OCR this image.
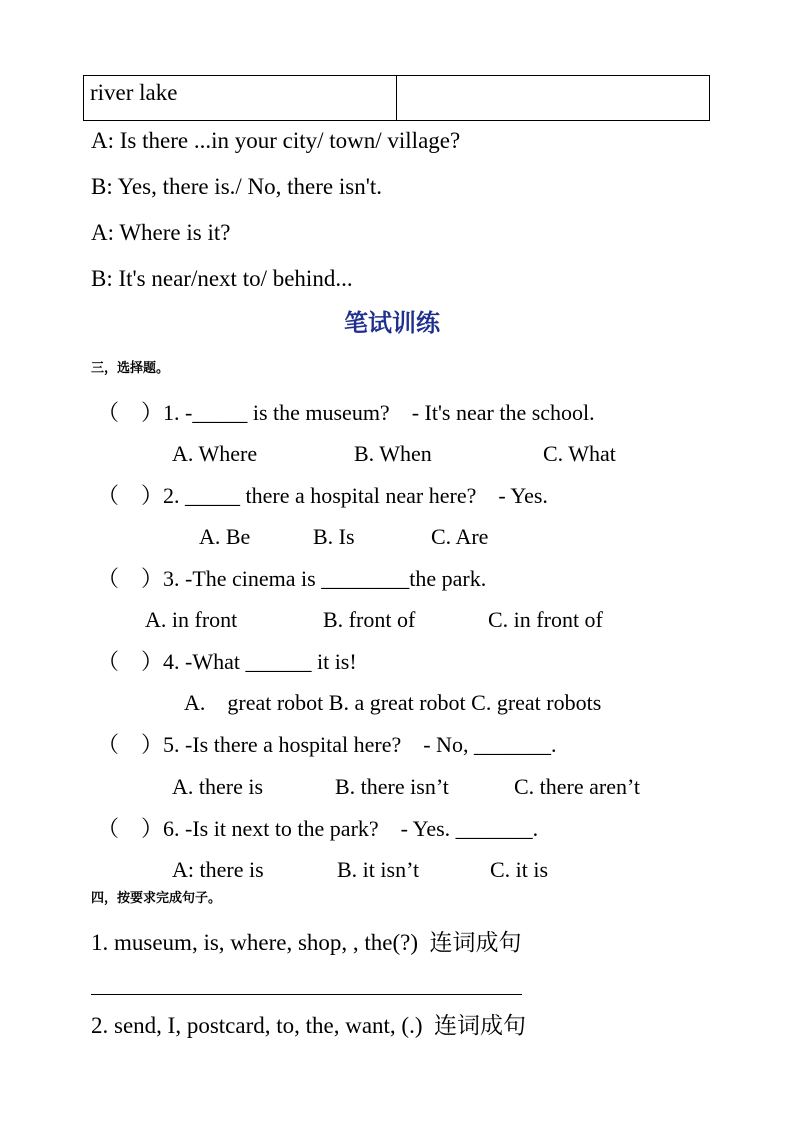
river lake	
A: Is there ...in your city/ town/ village?
B: Yes, there is./ No, there isn't.
A: Where is it?
B: It's near/next to/ behind...
笔试训练
三，选择题。
（    ）1. -_____ is the museum?    - It's near the school.
A. Where	B. When	C. What
（    ）2. _____ there a hospital near here?    - Yes.
A. Be	B. Is	C. Are
（    ）3. -The cinema is ________the park.
A. in front	B. front of	C. in front of
（    ）4. -What ______ it is!
A.    great robot B. a great robot C. great robots
（    ）5. -Is there a hospital here?    - No, _______.
A. there is	B. there isn’t	C. there aren’t
（    ）6. -Is it next to the park?    - Yes. _______.
A: there is	B. it isn’t	C. it is
四，按要求完成句子。
1. museum, is, where, shop, , the(?)  连词成句
2. send, I, postcard, to, the, want, (.)  连词成句
